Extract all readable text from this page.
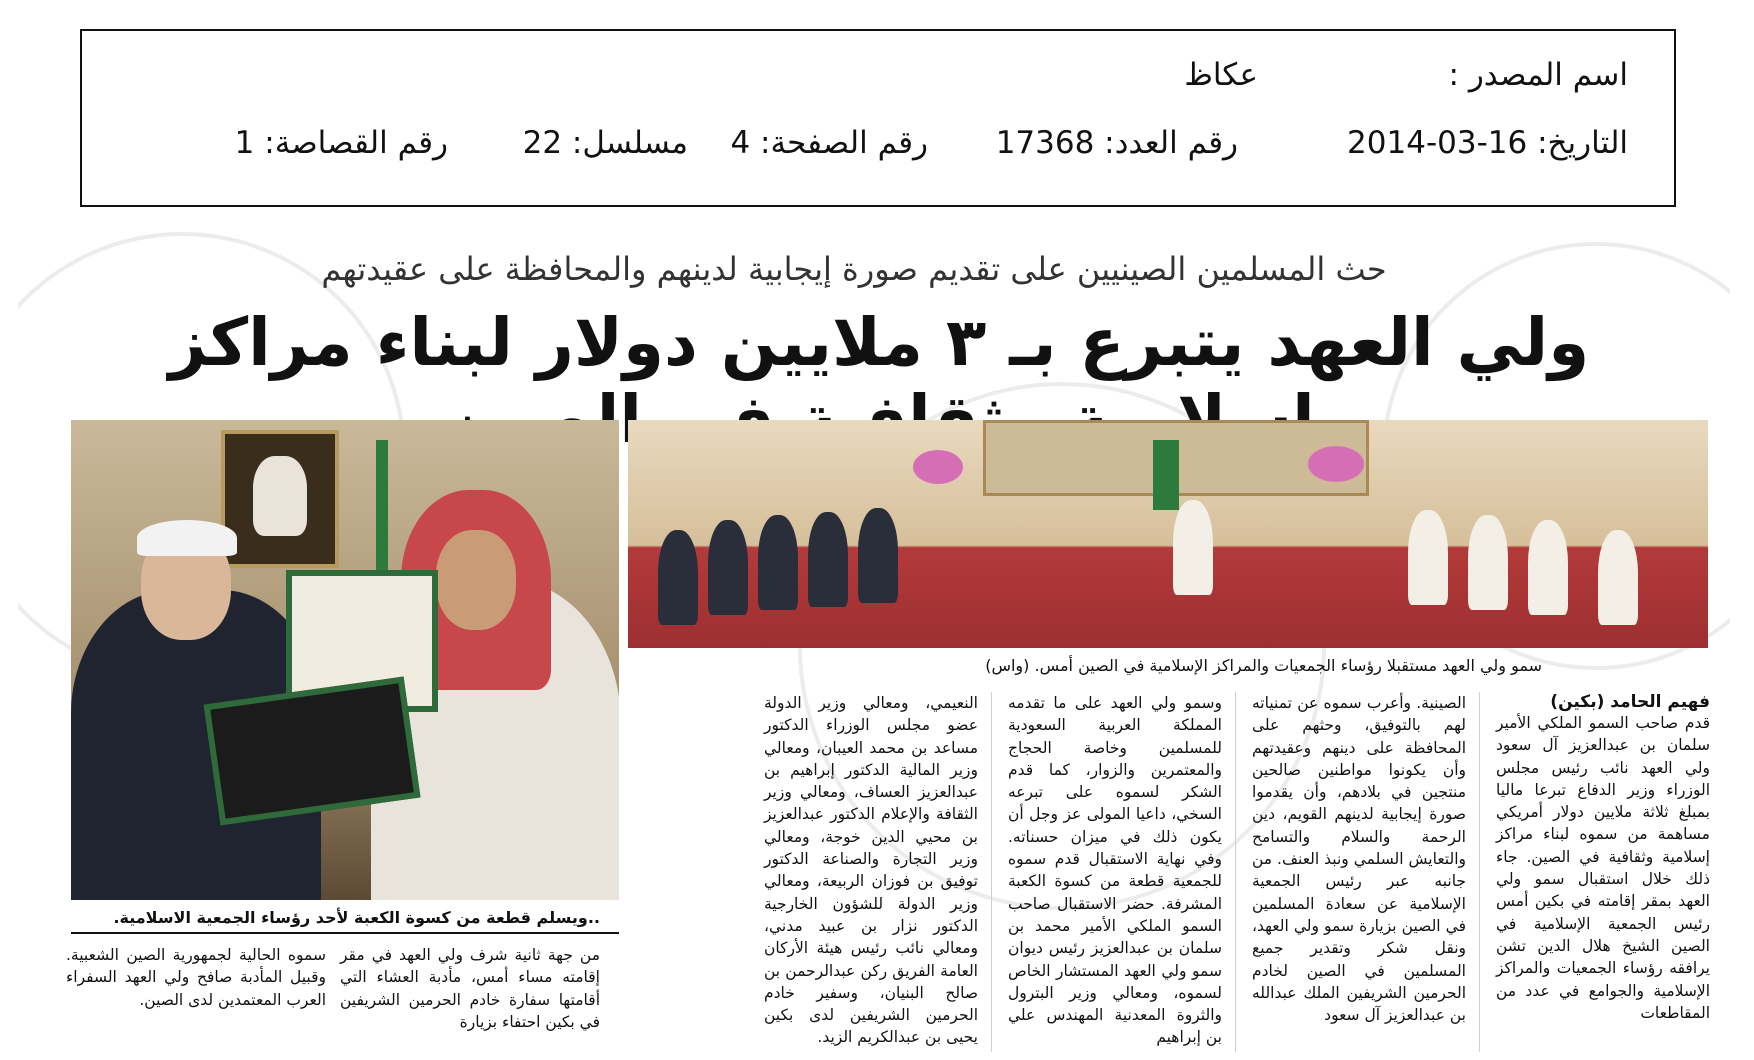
اسم المصدر :
عكاظ
التاريخ: 16-03-2014
رقم العدد: 17368
رقم الصفحة: 4
مسلسل: 22
رقم القصاصة: 1
حث المسلمين الصينيين على تقديم صورة إيجابية لدينهم والمحافظة على عقيدتهم
ولي العهد يتبرع بـ ٣ ملايين دولار لبناء مراكز
سمو ولي العهد مستقبلا رؤساء الجمعيات والمراكز الإسلامية في الصين أمس. (واس)
..ويسلم قطعة من كسوة الكعبة لأحد رؤساء الجمعية الاسلامية.
فهيم الحامد (بكين)
قدم صاحب السمو الملكي الأمير سلمان بن عبدالعزيز آل سعود ولي العهد نائب رئيس مجلس الوزراء وزير الدفاع تبرعا ماليا بمبلغ ثلاثة ملايين دولار أمريكي مساهمة من سموه لبناء مراكز إسلامية وثقافية في الصين. جاء ذلك خلال استقبال سمو ولي العهد بمقر إقامته في بكين أمس رئيس الجمعية الإسلامية في الصين الشيخ هلال الدين تشن يرافقه رؤساء الجمعيات والمراكز الإسلامية والجوامع في عدد من المقاطعات
الصينية. وأعرب سموه عن تمنياته لهم بالتوفيق، وحثهم على المحافظة على دينهم وعقيدتهم وأن يكونوا مواطنين صالحين منتجين في بلادهم، وأن يقدموا صورة إيجابية لدينهم القويم، دين الرحمة والسلام والتسامح والتعايش السلمي ونبذ العنف. من جانبه عبر رئيس الجمعية الإسلامية عن سعادة المسلمين في الصين بزيارة سمو ولي العهد، ونقل شكر وتقدير جميع المسلمين في الصين لخادم الحرمين الشريفين الملك عبدالله بن عبدالعزيز آل سعود
وسمو ولي العهد على ما تقدمه المملكة العربية السعودية للمسلمين وخاصة الحجاج والمعتمرين والزوار، كما قدم الشكر لسموه على تبرعه السخي، داعيا المولى عز وجل أن يكون ذلك في ميزان حسناته. وفي نهاية الاستقبال قدم سموه للجمعية قطعة من كسوة الكعبة المشرفة. حضر الاستقبال صاحب السمو الملكي الأمير محمد بن سلمان بن عبدالعزيز رئيس ديوان سمو ولي العهد المستشار الخاص لسموه، ومعالي وزير البترول والثروة المعدنية المهندس علي بن إبراهيم
النعيمي، ومعالي وزير الدولة عضو مجلس الوزراء الدكتور مساعد بن محمد العيبان، ومعالي وزير المالية الدكتور إبراهيم بن عبدالعزيز العساف، ومعالي وزير الثقافة والإعلام الدكتور عبدالعزيز بن محيي الدين خوجة، ومعالي وزير التجارة والصناعة الدكتور توفيق بن فوزان الربيعة، ومعالي وزير الدولة للشؤون الخارجية الدكتور نزار بن عبيد مدني، ومعالي نائب رئيس هيئة الأركان العامة الفريق ركن عبدالرحمن بن صالح البنيان، وسفير خادم الحرمين الشريفين لدى بكين يحيى بن عبدالكريم الزيد.
من جهة ثانية شرف ولي العهد في مقر إقامته مساء أمس، مأدبة العشاء التي أقامتها سفارة خادم الحرمين الشريفين في بكين احتفاء بزيارة
سموه الحالية لجمهورية الصين الشعبية. وقبيل المأدبة صافح ولي العهد السفراء العرب المعتمدين لدى الصين.
